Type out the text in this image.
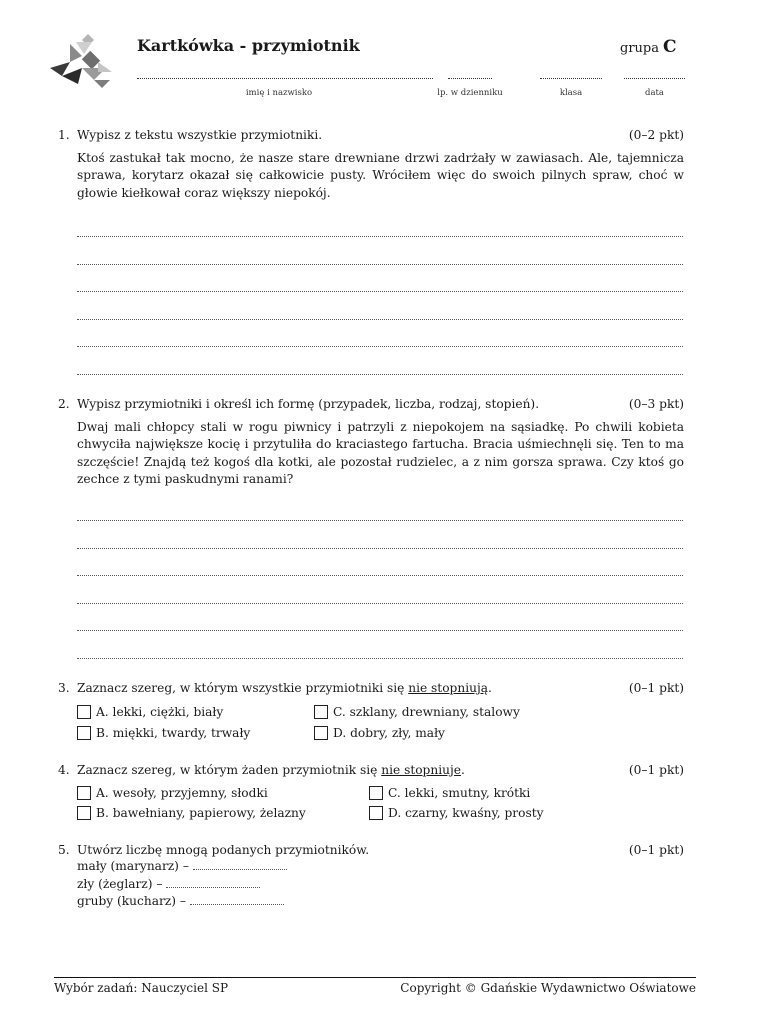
Kartkówka - przymiotnik	grupa C
imię i nazwisko	lp. w dzienniku	klasa	data
1. Wypisz z tekstu wszystkie przymiotniki.	(0–2 pkt)
Ktoś zastukał tak mocno, że nasze stare drewniane drzwi zadrżały w zawiasach. Ale, tajemnicza sprawa, korytarz okazał się całkowicie pusty. Wróciłem więc do swoich pilnych spraw, choć w głowie kiełkował coraz większy niepokój.
2. Wypisz przymiotniki i określ ich formę (przypadek, liczba, rodzaj, stopień).	(0–3 pkt)
Dwaj mali chłopcy stali w rogu piwnicy i patrzyli z niepokojem na sąsiadkę. Po chwili kobieta chwyciła największe kocię i przytuliła do kraciastego fartucha. Bracia uśmiechnęli się. Ten to ma szczęście! Znajdą też kogoś dla kotki, ale pozostał rudzielec, a z nim gorsza sprawa. Czy ktoś go zechce z tymi paskudnymi ranami?
3. Zaznacz szereg, w którym wszystkie przymiotniki się nie stopniują.	(0–1 pkt)
A. lekki, ciężki, biały	C. szklany, drewniany, stalowy
B. miękki, twardy, trwały	D. dobry, zły, mały
4. Zaznacz szereg, w którym żaden przymiotnik się nie stopniuje.	(0–1 pkt)
A. wesoły, przyjemny, słodki	C. lekki, smutny, krótki
B. bawełniany, papierowy, żelazny	D. czarny, kwaśny, prosty
5. Utwórz liczbę mnogą podanych przymiotników.	(0–1 pkt)
mały (marynarz) –
zły (żeglarz) –
gruby (kucharz) –
Wybór zadań: Nauczyciel SP	Copyright © Gdańskie Wydawnictwo Oświatowe
